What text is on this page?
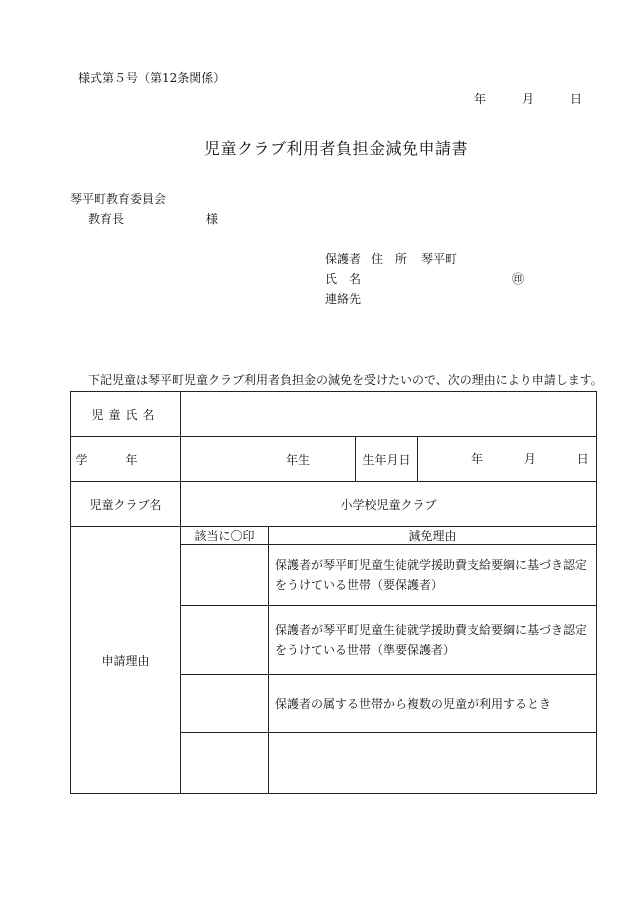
様式第５号（第12条関係）
年	月	日
児童クラブ利用者負担金減免申請書
琴平町教育委員会
教育長	様
保護者 住　所 琴平町
氏　名	㊞
連絡先
下記児童は琴平町児童クラブ利用者負担金の減免を受けたいので、次の理由により申請します。
児童氏名				
学年	年生		生年月日	年 月 日
児童クラブ名	小学校児童クラブ			
申請理由	該当に〇印	減免理由		
		保護者が琴平町児童生徒就学援助費支給要綱に基づき認定をうけている世帯（要保護者）		
		保護者が琴平町児童生徒就学援助費支給要綱に基づき認定をうけている世帯（準要保護者）		
		保護者の属する世帯から複数の児童が利用するとき		
